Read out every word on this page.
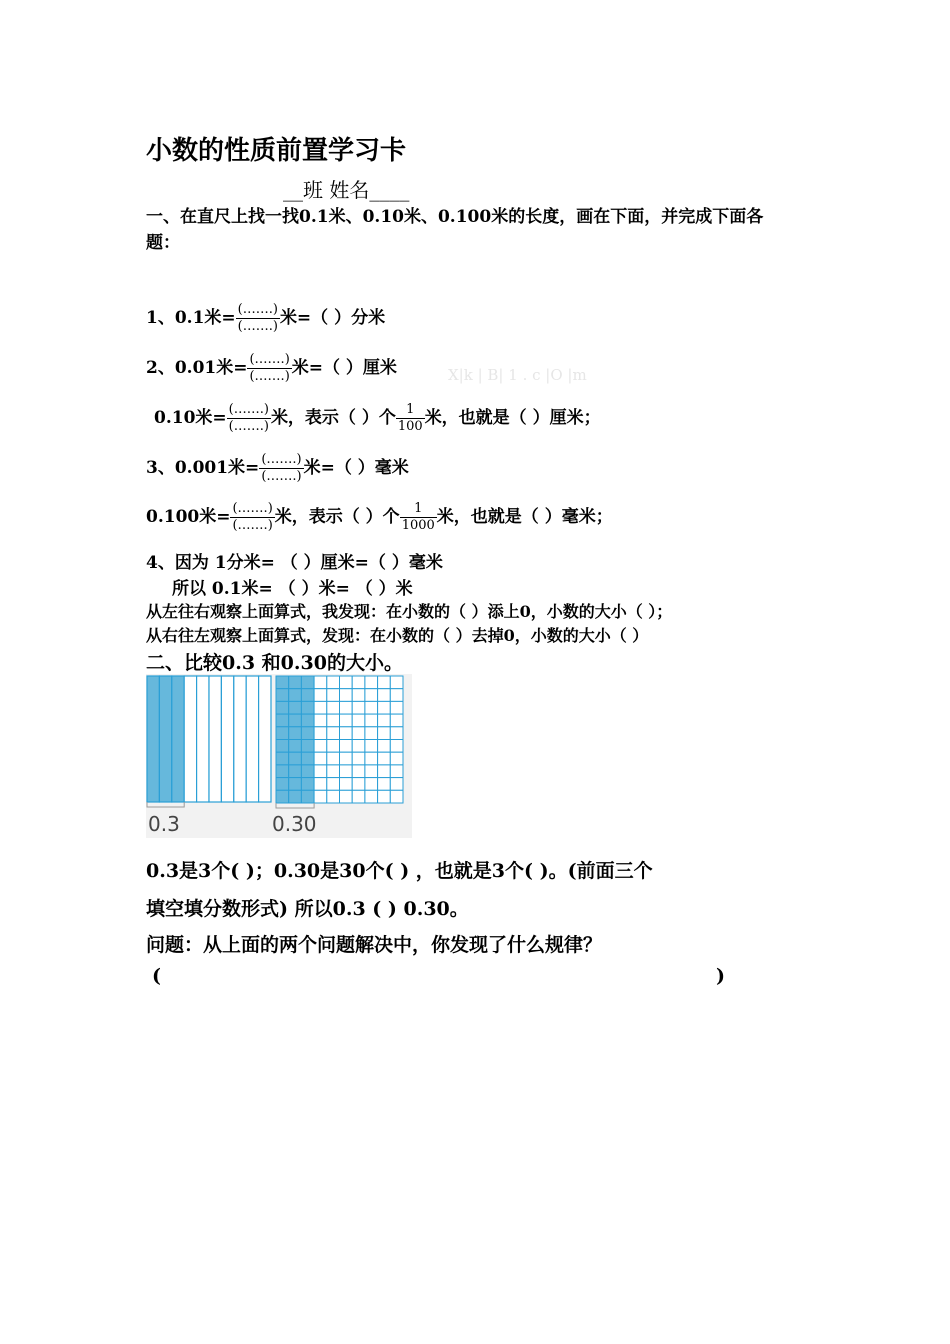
小数的性质前置学习卡
__班 姓名____
一、在直尺上找一找0.1米、0.10米、0.100米的长度，画在下面，并完成下面各
题：
1、0.1米= $\frac{(\dots\dots.)}{(\dots\dots.)}$ 米=（ ）分米
2、0.01米= $\frac{(\dots\dots.)}{(\dots\dots.)}$ 米=（ ）厘米	X|k | B| 1 . c |O |m
0.10米= $\frac{(\dots\dots.)}{(\dots\dots.)}$ 米，表示（ ）个 $\frac{1}{100}$ 米，也就是（ ）厘米；
3、0.001米= $\frac{(\dots\dots.)}{(\dots\dots.)}$ 米=（ ）毫米
0.100米= $\frac{(\dots\dots.)}{(\dots\dots.)}$ 米，表示（ ）个 $\frac{1}{1000}$ 米，也就是（ ）毫米；
4、因为 1分米= （ ）厘米=（ ）毫米
所以 0.1米= （ ）米= （ ）米
从左往右观察上面算式，我发现：在小数的（ ）添上0，小数的大小（ ）；
从右往左观察上面算式，发现：在小数的（ ）去掉0，小数的大小（ ）
二、比较0.3 和0.30的大小。
0.3	0.30
0.3是3个( )；0.30是30个( ) ，也就是3个( )。(前面三个
填空填分数形式) 所以0.3 ( ) 0.30。
问题：从上面的两个问题解决中，你发现了什么规律？
(	)
